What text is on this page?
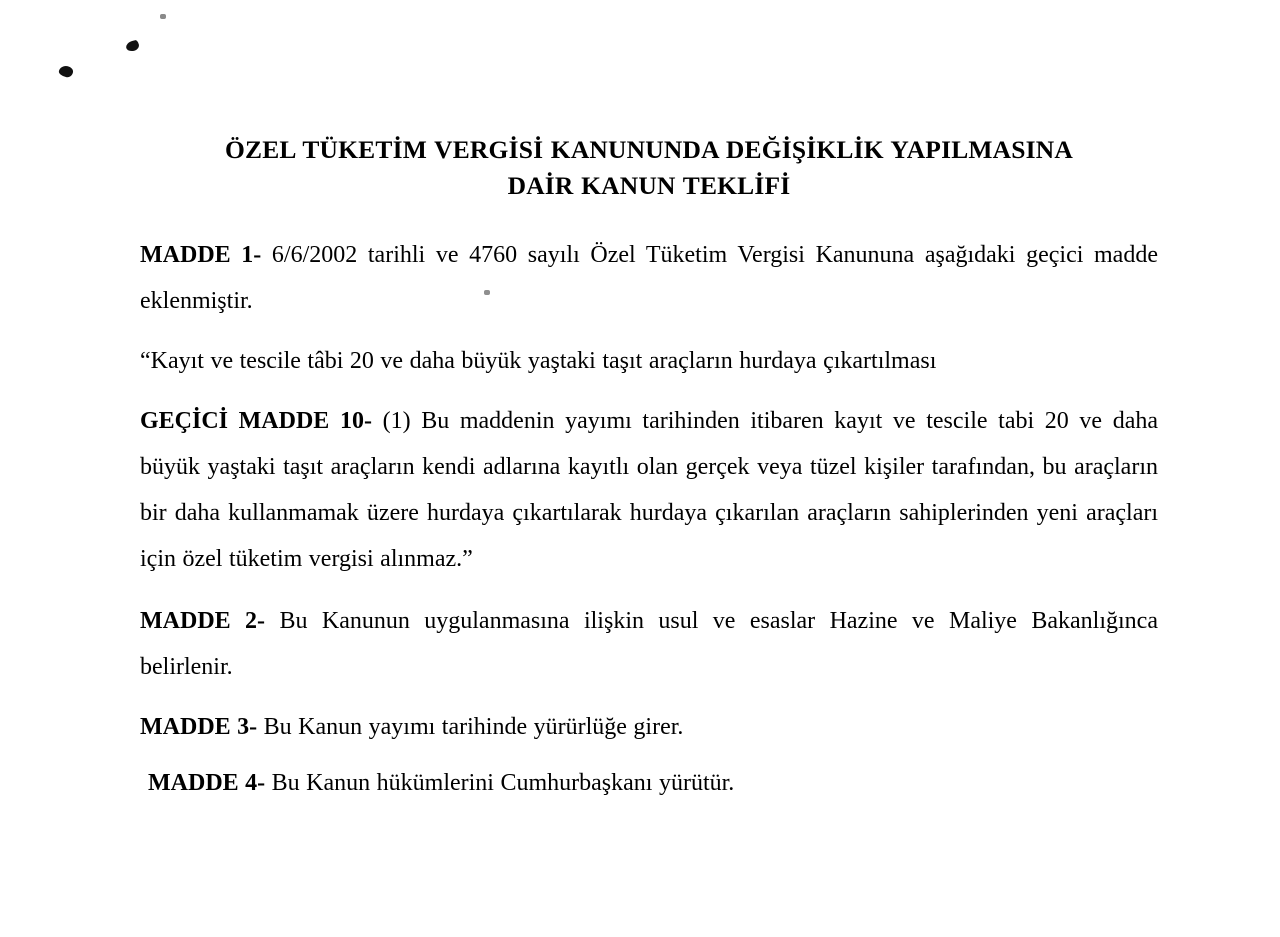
ÖZEL TÜKETİM VERGİSİ KANUNUNDA DEĞİŞİKLİK YAPILMASINA
DAİR KANUN TEKLİFİ

MADDE 1- 6/6/2002 tarihli ve 4760 sayılı Özel Tüketim Vergisi Kanununa aşağıdaki geçici madde eklenmiştir.

“Kayıt ve tescile tâbi 20 ve daha büyük yaştaki taşıt araçların hurdaya çıkartılması

GEÇİCİ MADDE 10- (1) Bu maddenin yayımı tarihinden itibaren kayıt ve tescile tabi 20 ve daha büyük yaştaki taşıt araçların kendi adlarına kayıtlı olan gerçek veya tüzel kişiler tarafından, bu araçların bir daha kullanmamak üzere hurdaya çıkartılarak hurdaya çıkarılan araçların sahiplerinden yeni araçları için özel tüketim vergisi alınmaz.”

MADDE 2- Bu Kanunun uygulanmasına ilişkin usul ve esaslar Hazine ve Maliye Bakanlığınca belirlenir.

MADDE 3- Bu Kanun yayımı tarihinde yürürlüğe girer.

MADDE 4- Bu Kanun hükümlerini Cumhurbaşkanı yürütür.
